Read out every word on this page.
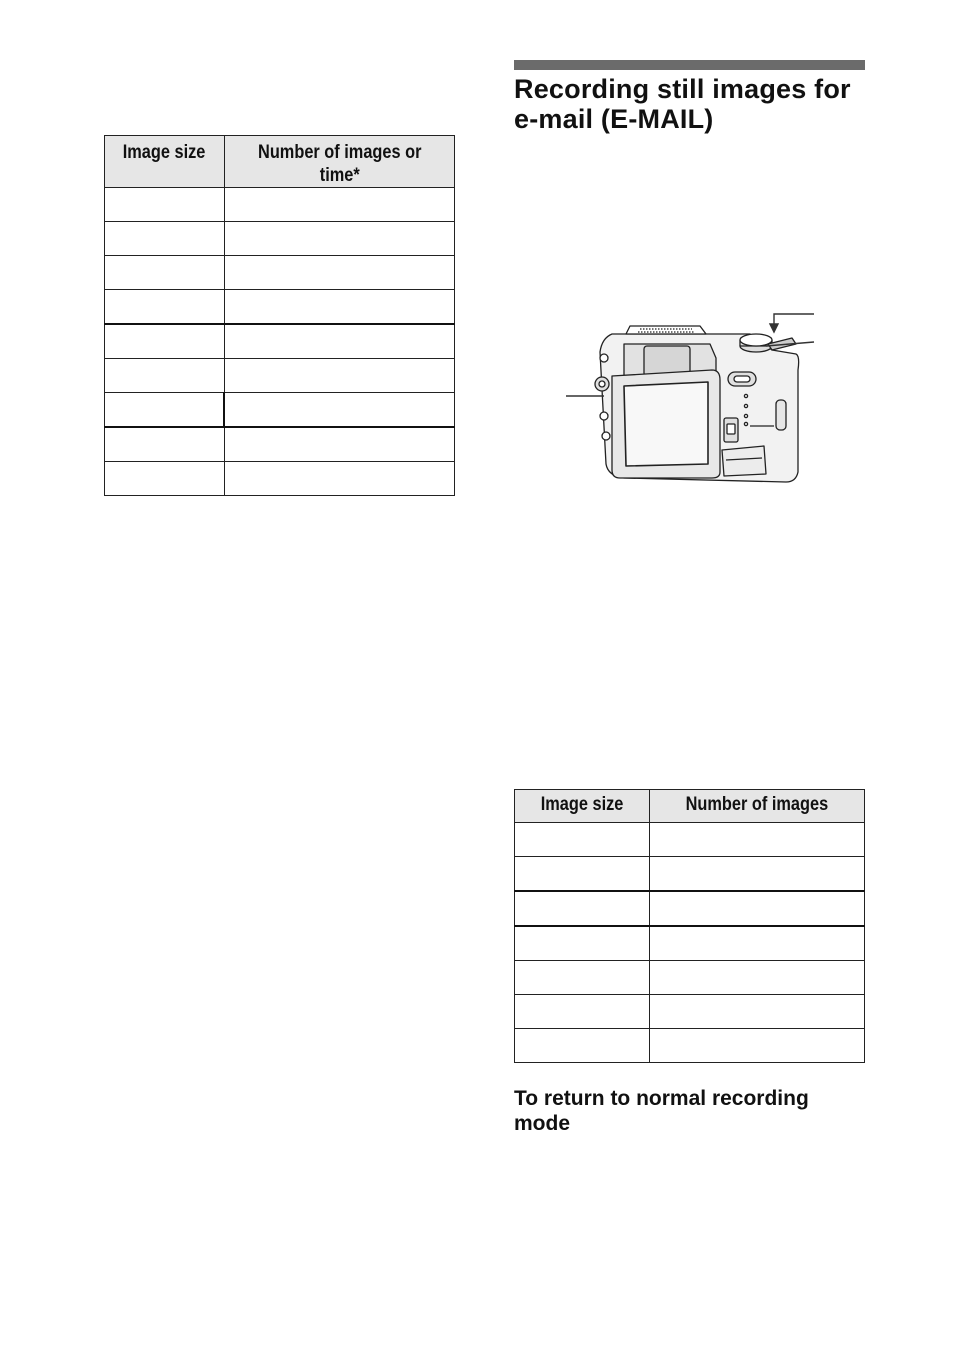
Image size	Number of images or time*

Recording still images for e-mail (E-MAIL)
Image size	Number of images

To return to normal recording mode
